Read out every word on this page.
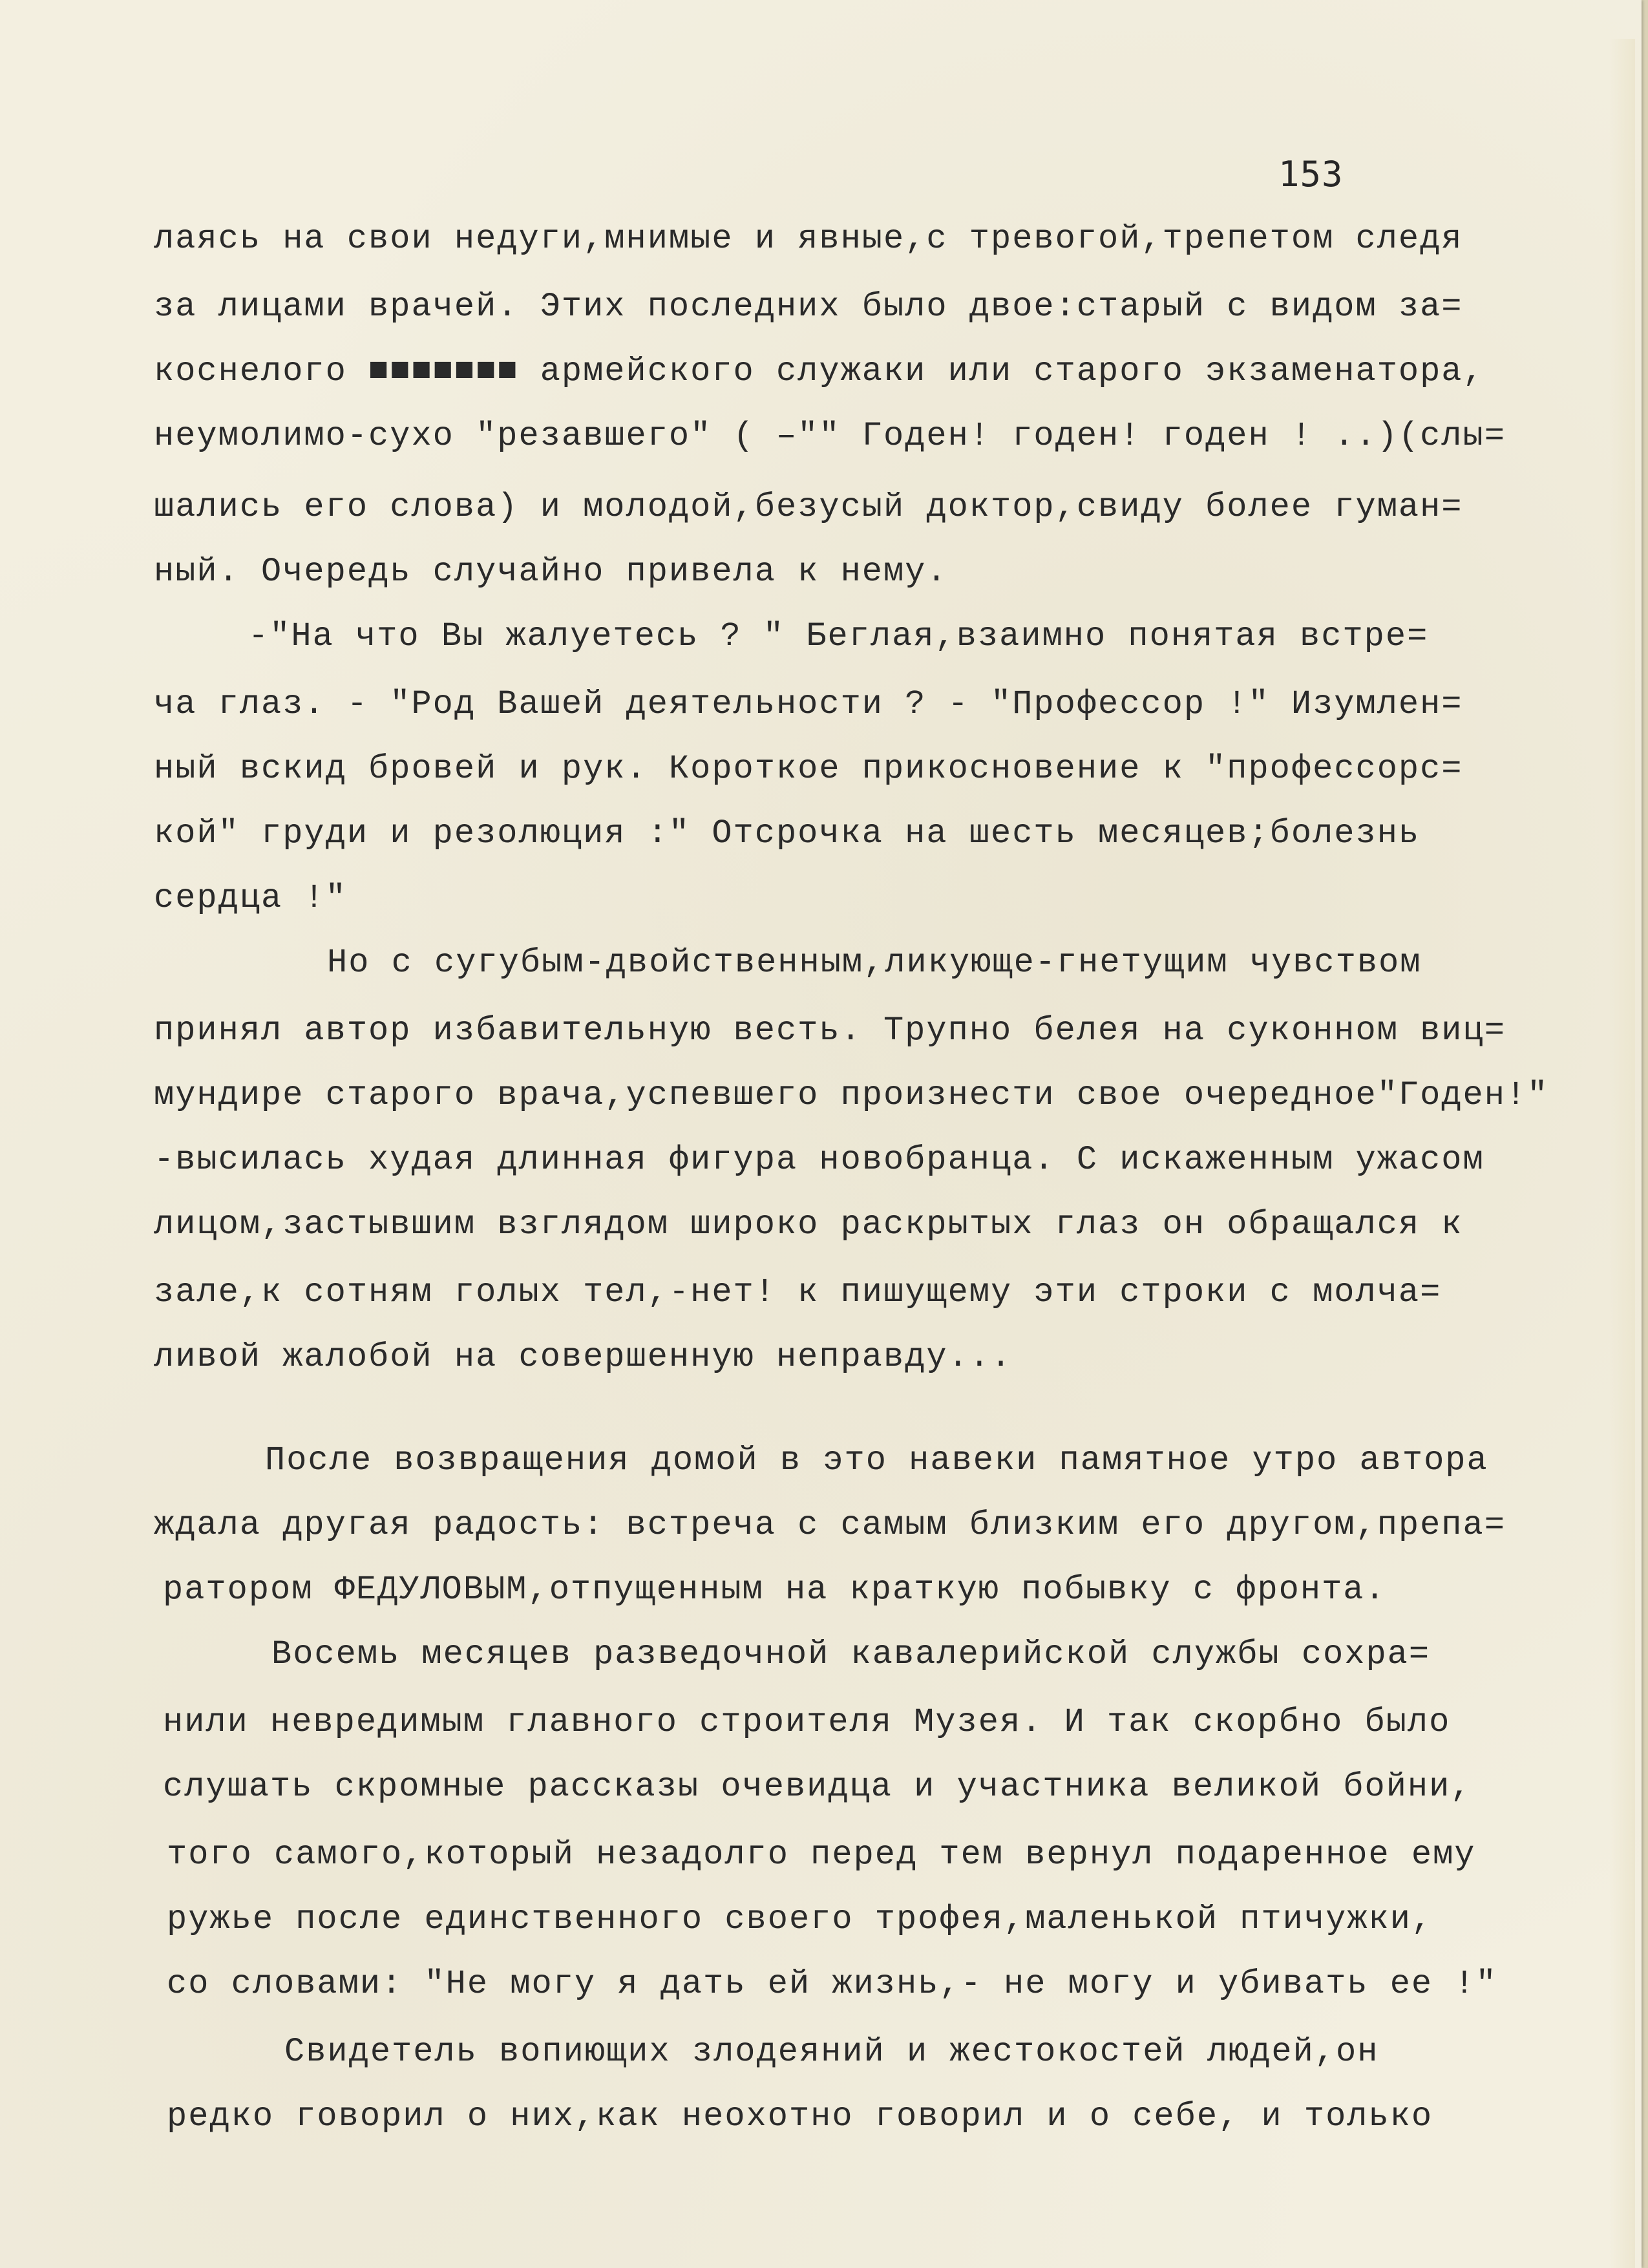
153
лаясь на свои недуги,мнимые и явные,с тревогой,трепетом следя
за лицами врачей. Этих последних было двое:старый с видом за=
коснелого ■■■■■■■ армейского служаки или старого экзаменатора,
неумолимо-сухо "резавшего" ( –"" Годен! годен! годен ! ..)(слы=
шались его слова) и молодой,безусый доктор,свиду более гуман=
ный. Очередь случайно привела к нему.
-"На что Вы жалуетесь ? " Беглая,взаимно понятая встре=
ча глаз. - "Род Вашей деятельности ? - "Профессор !" Изумлен=
ный вскид бровей и рук. Короткое прикосновение к "профессорс=
кой" груди и резолюция :" Отсрочка на шесть месяцев;болезнь
сердца !"
Но с сугубым-двойственным,ликующе-гнетущим чувством
принял автор избавительную весть. Трупно белея на суконном виц=
мундире старого врача,успевшего произнести свое очередное"Годен!"
-высилась худая длинная фигура новобранца. С искаженным ужасом
лицом,застывшим взглядом широко раскрытых глаз он обращался к
зале,к сотням голых тел,-нет! к пишущему эти строки с молча=
ливой жалобой на совершенную неправду...
После возвращения домой в это навеки памятное утро автора
ждала другая радость: встреча с самым близким его другом,препа=
ратором ФЕДУЛОВЫМ,отпущенным на краткую побывку с фронта.
Восемь месяцев разведочной кавалерийской службы сохра=
нили невредимым главного строителя Музея. И так скорбно было
слушать скромные рассказы очевидца и участника великой бойни,
того самого,который незадолго перед тем вернул подаренное ему
ружье после единственного своего трофея,маленькой птичужки,
со словами: "Не могу я дать ей жизнь,- не могу и убивать ее !"
Свидетель вопиющих злодеяний и жестокостей людей,он
редко говорил о них,как неохотно говорил и о себе, и только
